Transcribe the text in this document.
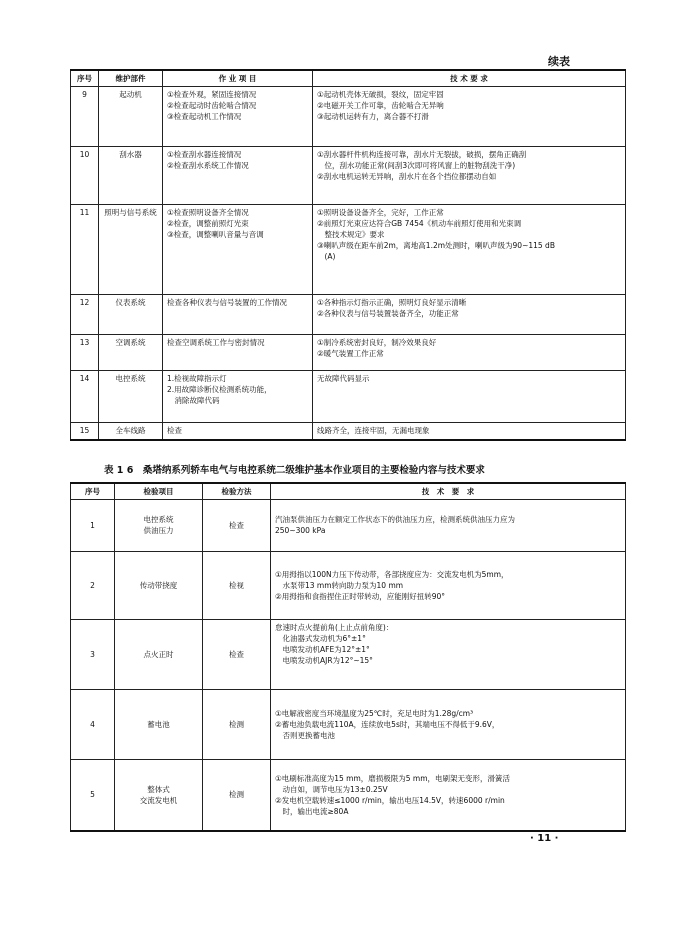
续表
序号	维护部件	作 业 项 目	技 术 要 求
9	起动机	①检查外观，紧固连接情况
②检查起动时齿轮啮合情况
③检查起动机工作情况	①起动机壳体无破损，裂纹，固定牢固
②电磁开关工作可靠，齿轮啮合无异响
③起动机运转有力，离合器不打滑

10	刮水器	①检查刮水器连接情况
②检查刮水系统工作情况	①刮水器杆件机构连接可靠，刮水片无裂拔，破损，摆角正确刮
　位，刮水功能正常(间刮3次即可将风窗上的脏物刮洗干净)
②刮水电机运转无异响，刮水片在各个挡位都摆动自如

11	照明与信号系统	①检查照明设备齐全情况
②检查，调整前照灯光束
③检查，调整喇叭音量与音调	①照明设备设备齐全，完好，工作正常
②前照灯光束应达符合GB 7454《机动车前照灯使用和光束调
　整技术规定》要求
③喇叭声级在距车前2m，离地高1.2m处测时，喇叭声级为90~115 dB
　(A)

12	仪表系统	检查各种仪表与信号装置的工作情况	①各种指示灯指示正确，照明灯良好显示清晰
②各种仪表与信号装置装备齐全，功能正常

13	空调系统	检查空调系统工作与密封情况	①制冷系统密封良好，制冷效果良好
②暖气装置工作正常

14	电控系统	1.检视故障指示灯
2.用故障诊断仪检测系统功能，
　消除故障代码	无故障代码显示
15	全车线路	检查	线路齐全，连接牢固，无漏电现象
表 1 6　桑塔纳系列轿车电气与电控系统二级维护基本作业项目的主要检验内容与技术要求
序号	检验项目	检验方法	技　术　要　求
1	电控系统
供油压力	检查	汽油泵供油压力在额定工作状态下的供油压力应，检测系统供油压力应为
250~300 kPa

2	传动带挠度	检视	①用拇指以100N力压下传动带，各部挠度应为：交流发电机为5mm，
　水泵带13 mm转向助力泵为10 mm
②用拇指和食指捏住正时带转动，应能刚好扭转90°

3	点火正时	检查	怠速时点火提前角(上止点前角度)：
　化油器式发动机为6°±1°
　电喷发动机AFE为12°±1°
　电喷发动机AJR为12°~15°

4	蓄电池	检测	①电解液密度当环境温度为25℃时，充足电时为1.28g/cm³
②蓄电池负载电流110A，连续放电5s时，其端电压不得低于9.6V，
　否则更换蓄电池

5	整体式
交流发电机	检测	①电刷标准高度为15 mm，磨损极限为5 mm，电刷架无变形，滑簧活
　动自如，调节电压为13±0.25V
②发电机空载转速≤1000 r/min，输出电压14.5V，转速6000 r/min
　时，输出电流≥80A
· 11 ·
